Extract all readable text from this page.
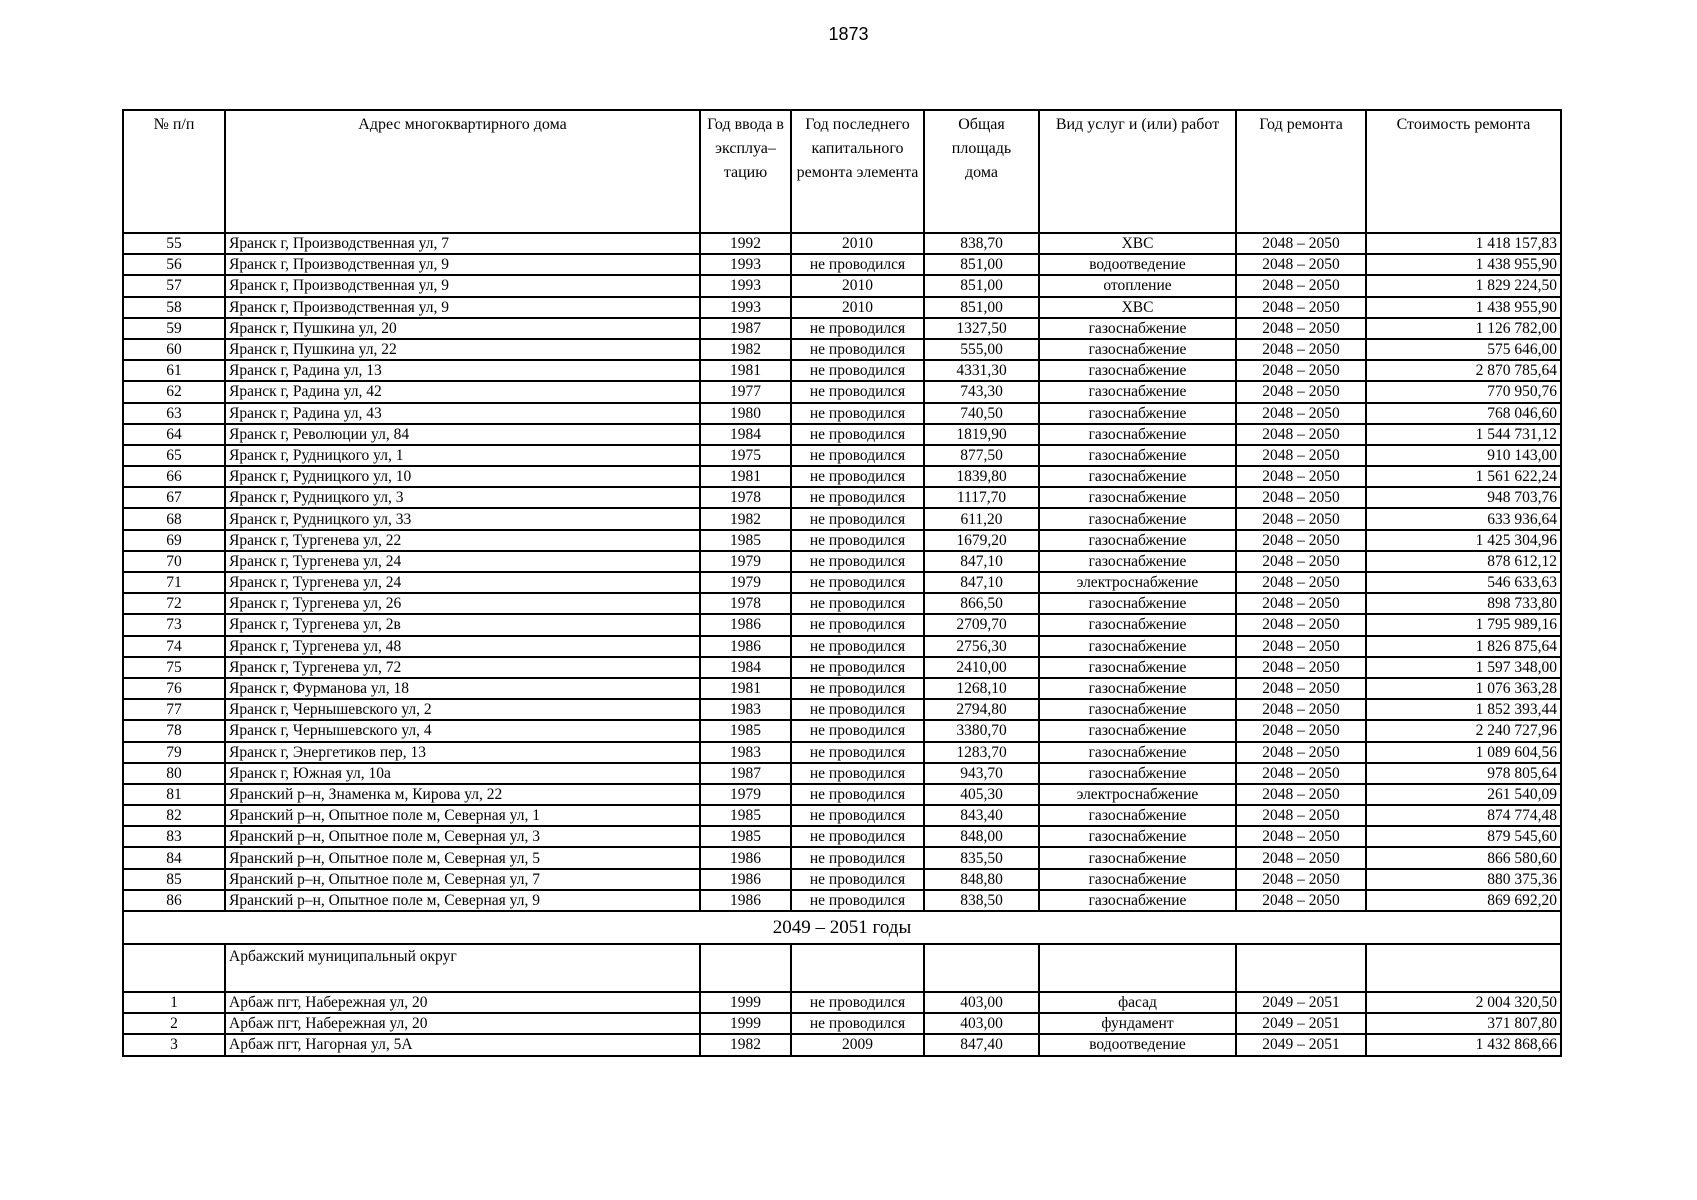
1873
№ п/п	Адрес многоквартирного дома	Год ввода в эксплуа– тацию	Год последнего капитального ремонта элемента	Общая площадь дома	Вид услуг и (или) работ	Год ремонта	Стоимость ремонта
55	Яранск г, Производственная ул, 7	1992	2010	838,70	ХВС	2048 – 2050	1 418 157,83
56	Яранск г, Производственная ул, 9	1993	не проводился	851,00	водоотведение	2048 – 2050	1 438 955,90
57	Яранск г, Производственная ул, 9	1993	2010	851,00	отопление	2048 – 2050	1 829 224,50
58	Яранск г, Производственная ул, 9	1993	2010	851,00	ХВС	2048 – 2050	1 438 955,90
59	Яранск г, Пушкина ул, 20	1987	не проводился	1327,50	газоснабжение	2048 – 2050	1 126 782,00
60	Яранск г, Пушкина ул, 22	1982	не проводился	555,00	газоснабжение	2048 – 2050	575 646,00
61	Яранск г, Радина ул, 13	1981	не проводился	4331,30	газоснабжение	2048 – 2050	2 870 785,64
62	Яранск г, Радина ул, 42	1977	не проводился	743,30	газоснабжение	2048 – 2050	770 950,76
63	Яранск г, Радина ул, 43	1980	не проводился	740,50	газоснабжение	2048 – 2050	768 046,60
64	Яранск г, Революции ул, 84	1984	не проводился	1819,90	газоснабжение	2048 – 2050	1 544 731,12
65	Яранск г, Рудницкого ул, 1	1975	не проводился	877,50	газоснабжение	2048 – 2050	910 143,00
66	Яранск г, Рудницкого ул, 10	1981	не проводился	1839,80	газоснабжение	2048 – 2050	1 561 622,24
67	Яранск г, Рудницкого ул, 3	1978	не проводился	1117,70	газоснабжение	2048 – 2050	948 703,76
68	Яранск г, Рудницкого ул, 33	1982	не проводился	611,20	газоснабжение	2048 – 2050	633 936,64
69	Яранск г, Тургенева ул, 22	1985	не проводился	1679,20	газоснабжение	2048 – 2050	1 425 304,96
70	Яранск г, Тургенева ул, 24	1979	не проводился	847,10	газоснабжение	2048 – 2050	878 612,12
71	Яранск г, Тургенева ул, 24	1979	не проводился	847,10	электроснабжение	2048 – 2050	546 633,63
72	Яранск г, Тургенева ул, 26	1978	не проводился	866,50	газоснабжение	2048 – 2050	898 733,80
73	Яранск г, Тургенева ул, 2в	1986	не проводился	2709,70	газоснабжение	2048 – 2050	1 795 989,16
74	Яранск г, Тургенева ул, 48	1986	не проводился	2756,30	газоснабжение	2048 – 2050	1 826 875,64
75	Яранск г, Тургенева ул, 72	1984	не проводился	2410,00	газоснабжение	2048 – 2050	1 597 348,00
76	Яранск г, Фурманова ул, 18	1981	не проводился	1268,10	газоснабжение	2048 – 2050	1 076 363,28
77	Яранск г, Чернышевского ул, 2	1983	не проводился	2794,80	газоснабжение	2048 – 2050	1 852 393,44
78	Яранск г, Чернышевского ул, 4	1985	не проводился	3380,70	газоснабжение	2048 – 2050	2 240 727,96
79	Яранск г, Энергетиков пер, 13	1983	не проводился	1283,70	газоснабжение	2048 – 2050	1 089 604,56
80	Яранск г, Южная ул, 10а	1987	не проводился	943,70	газоснабжение	2048 – 2050	978 805,64
81	Яранский р–н, Знаменка м, Кирова ул, 22	1979	не проводился	405,30	электроснабжение	2048 – 2050	261 540,09
82	Яранский р–н, Опытное поле м, Северная ул, 1	1985	не проводился	843,40	газоснабжение	2048 – 2050	874 774,48
83	Яранский р–н, Опытное поле м, Северная ул, 3	1985	не проводился	848,00	газоснабжение	2048 – 2050	879 545,60
84	Яранский р–н, Опытное поле м, Северная ул, 5	1986	не проводился	835,50	газоснабжение	2048 – 2050	866 580,60
85	Яранский р–н, Опытное поле м, Северная ул, 7	1986	не проводился	848,80	газоснабжение	2048 – 2050	880 375,36
86	Яранский р–н, Опытное поле м, Северная ул, 9	1986	не проводился	838,50	газоснабжение	2048 – 2050	869 692,20
2049 – 2051 годы							
	Арбажский муниципальный округ						
1	Арбаж пгт, Набережная ул, 20	1999	не проводился	403,00	фасад	2049 – 2051	2 004 320,50
2	Арбаж пгт, Набережная ул, 20	1999	не проводился	403,00	фундамент	2049 – 2051	371 807,80
3	Арбаж пгт, Нагорная ул, 5А	1982	2009	847,40	водоотведение	2049 – 2051	1 432 868,66
